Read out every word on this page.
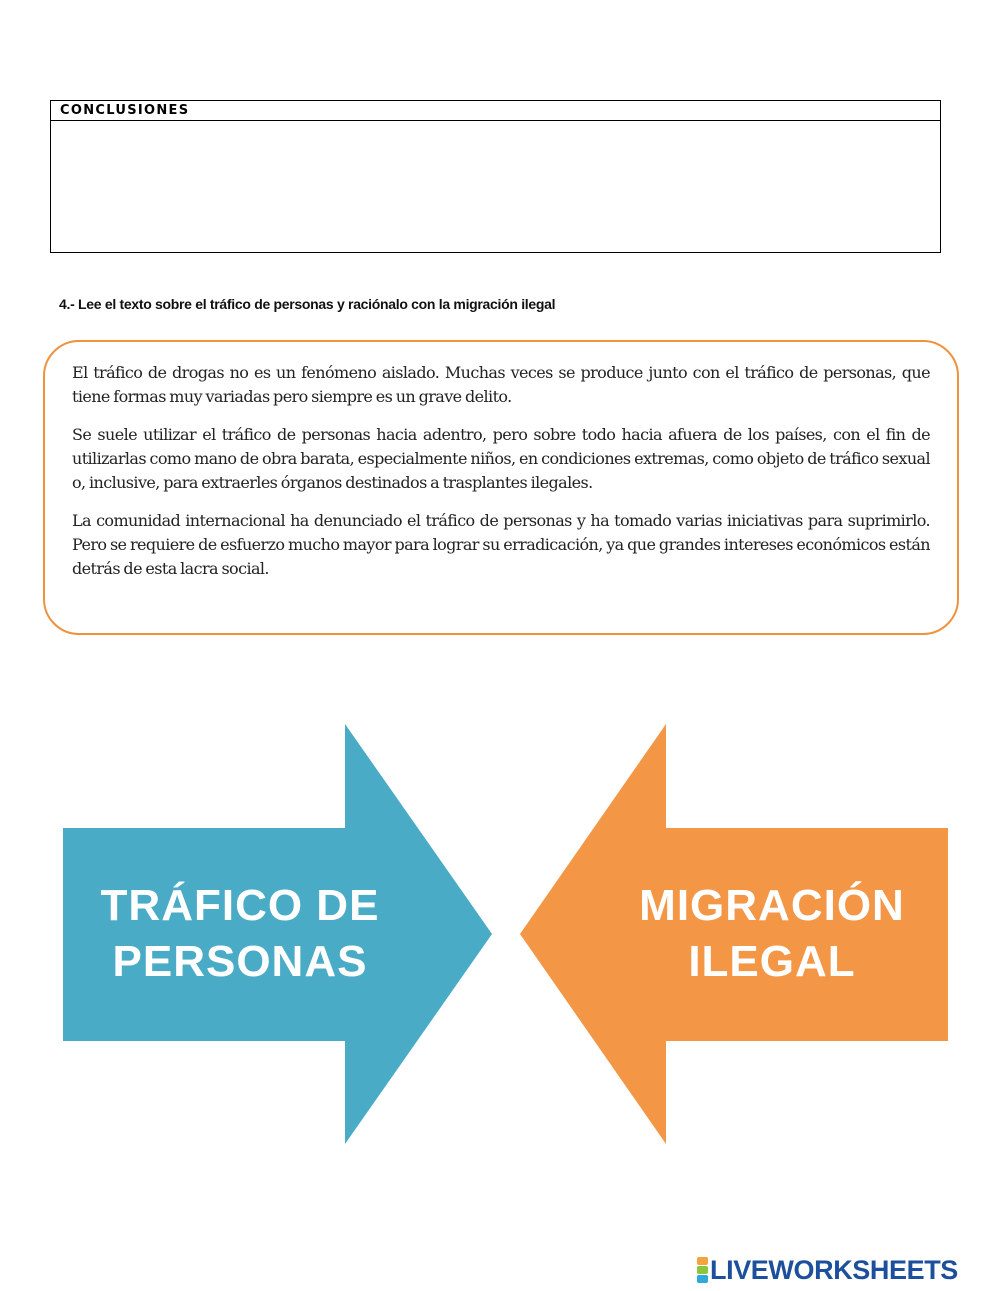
CONCLUSIONES
4.- Lee el texto sobre el tráfico de personas y raciónalo con la migración ilegal

El tráfico de drogas no es un fenómeno aislado. Muchas veces se produce junto con el tráfico de personas, que tiene formas muy variadas pero siempre es un grave delito.

Se suele utilizar el tráfico de personas hacia adentro, pero sobre todo hacia afuera de los países, con el fin de utilizarlas como mano de obra barata, especialmente niños, en condiciones extremas, como objeto de tráfico sexual o, inclusive, para extraerles órganos destinados a trasplantes ilegales.

La comunidad internacional ha denunciado el tráfico de personas y ha tomado varias iniciativas para suprimirlo. Pero se requiere de esfuerzo mucho mayor para lograr su erradicación, ya que grandes intereses económicos están detrás de esta lacra social.

TRÁFICO DE
PERSONAS
MIGRACIÓN
ILEGAL
LIVEWORKSHEETS
